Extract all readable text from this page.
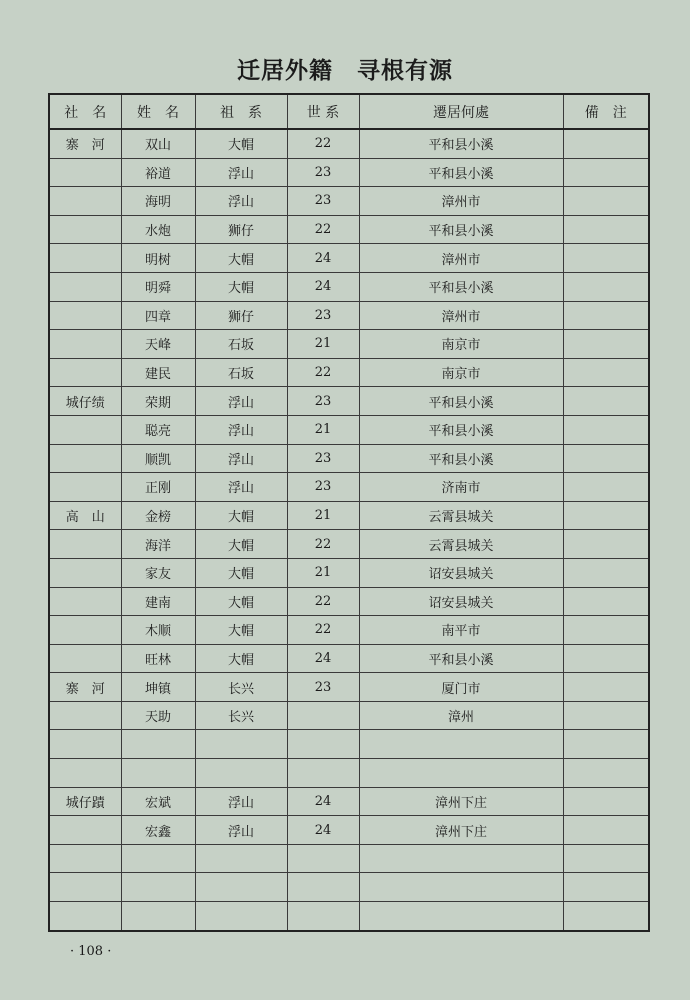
迁居外籍　寻根有源
社　名	姓　名	祖　系	世 系	遷居何處	備　注
寨　河	双山	大帽	22	平和县小溪	
	裕道	浮山	23	平和县小溪	
	海明	浮山	23	漳州市	
	水炮	狮仔	22	平和县小溪	
	明树	大帽	24	漳州市	
	明舜	大帽	24	平和县小溪	
	四章	狮仔	23	漳州市	
	天峰	石坂	21	南京市	
	建民	石坂	22	南京市	
城仔绩	荣期	浮山	23	平和县小溪	
	聪亮	浮山	21	平和县小溪	
	顺凯	浮山	23	平和县小溪	
	正刚	浮山	23	济南市	
高　山	金榜	大帽	21	云霄县城关	
	海洋	大帽	22	云霄县城关	
	家友	大帽	21	诏安县城关	
	建南	大帽	22	诏安县城关	
	木顺	大帽	22	南平市	
	旺林	大帽	24	平和县小溪	
寨　河	坤镇	长兴	23	厦门市	
	天助	长兴		漳州	

城仔蹟	宏斌	浮山	24	漳州下庄	
	宏鑫	浮山	24	漳州下庄	

· 108 ·
